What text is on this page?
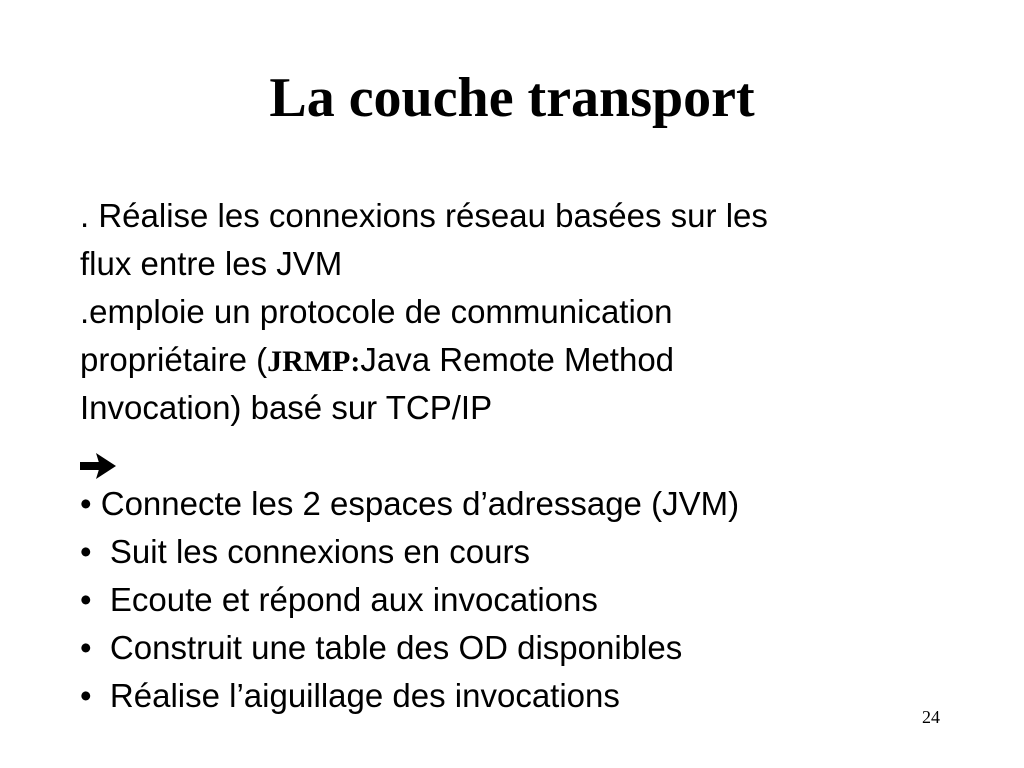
La couche transport
. Réalise les connexions réseau basées sur les
flux entre les JVM
.emploie un protocole de communication
propriétaire (JRMP:Java Remote Method
Invocation) basé sur TCP/IP
• Connecte les 2 espaces d’adressage (JVM)
• Suit les connexions en cours
• Ecoute et répond aux invocations
• Construit une table des OD disponibles
• Réalise l’aiguillage des invocations
24
